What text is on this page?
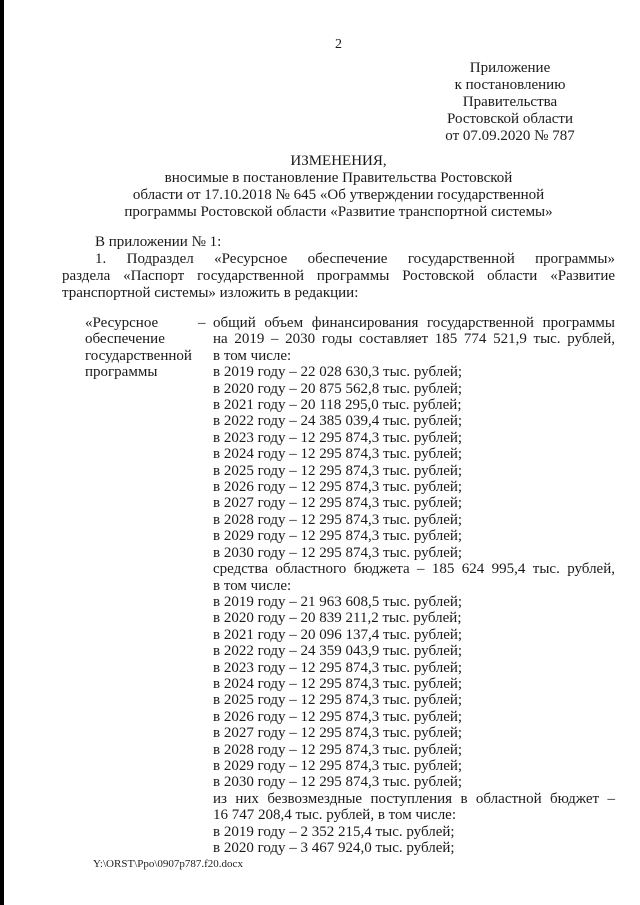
2
Приложение
к постановлению
Правительства
Ростовской области
от 07.09.2020 № 787
ИЗМЕНЕНИЯ,
вносимые в постановление Правительства Ростовской
области от 17.10.2018 № 645 «Об утверждении государственной
программы Ростовской области «Развитие транспортной системы»
В приложении № 1:
1. Подраздел «Ресурсное обеспечение государственной программы»
раздела «Паспорт государственной программы Ростовской области «Развитие
транспортной системы» изложить в редакции:
«Ресурсное
обеспечение
государственной
программы
– общий объем финансирования государственной программы
на 2019 – 2030 годы составляет 185 774 521,9 тыс. рублей,
в том числе:
в 2019 году – 22 028 630,3 тыс. рублей;
в 2020 году – 20 875 562,8 тыс. рублей;
в 2021 году – 20 118 295,0 тыс. рублей;
в 2022 году – 24 385 039,4 тыс. рублей;
в 2023 году – 12 295 874,3 тыс. рублей;
в 2024 году – 12 295 874,3 тыс. рублей;
в 2025 году – 12 295 874,3 тыс. рублей;
в 2026 году – 12 295 874,3 тыс. рублей;
в 2027 году – 12 295 874,3 тыс. рублей;
в 2028 году – 12 295 874,3 тыс. рублей;
в 2029 году – 12 295 874,3 тыс. рублей;
в 2030 году – 12 295 874,3 тыс. рублей;
средства областного бюджета – 185 624 995,4 тыс. рублей,
в том числе:
в 2019 году – 21 963 608,5 тыс. рублей;
в 2020 году – 20 839 211,2 тыс. рублей;
в 2021 году – 20 096 137,4 тыс. рублей;
в 2022 году – 24 359 043,9 тыс. рублей;
в 2023 году – 12 295 874,3 тыс. рублей;
в 2024 году – 12 295 874,3 тыс. рублей;
в 2025 году – 12 295 874,3 тыс. рублей;
в 2026 году – 12 295 874,3 тыс. рублей;
в 2027 году – 12 295 874,3 тыс. рублей;
в 2028 году – 12 295 874,3 тыс. рублей;
в 2029 году – 12 295 874,3 тыс. рублей;
в 2030 году – 12 295 874,3 тыс. рублей;
из них безвозмездные поступления в областной бюджет –
16 747 208,4 тыс. рублей, в том числе:
в 2019 году – 2 352 215,4 тыс. рублей;
в 2020 году – 3 467 924,0 тыс. рублей;
Y:\ORST\Ppo\0907p787.f20.docx
